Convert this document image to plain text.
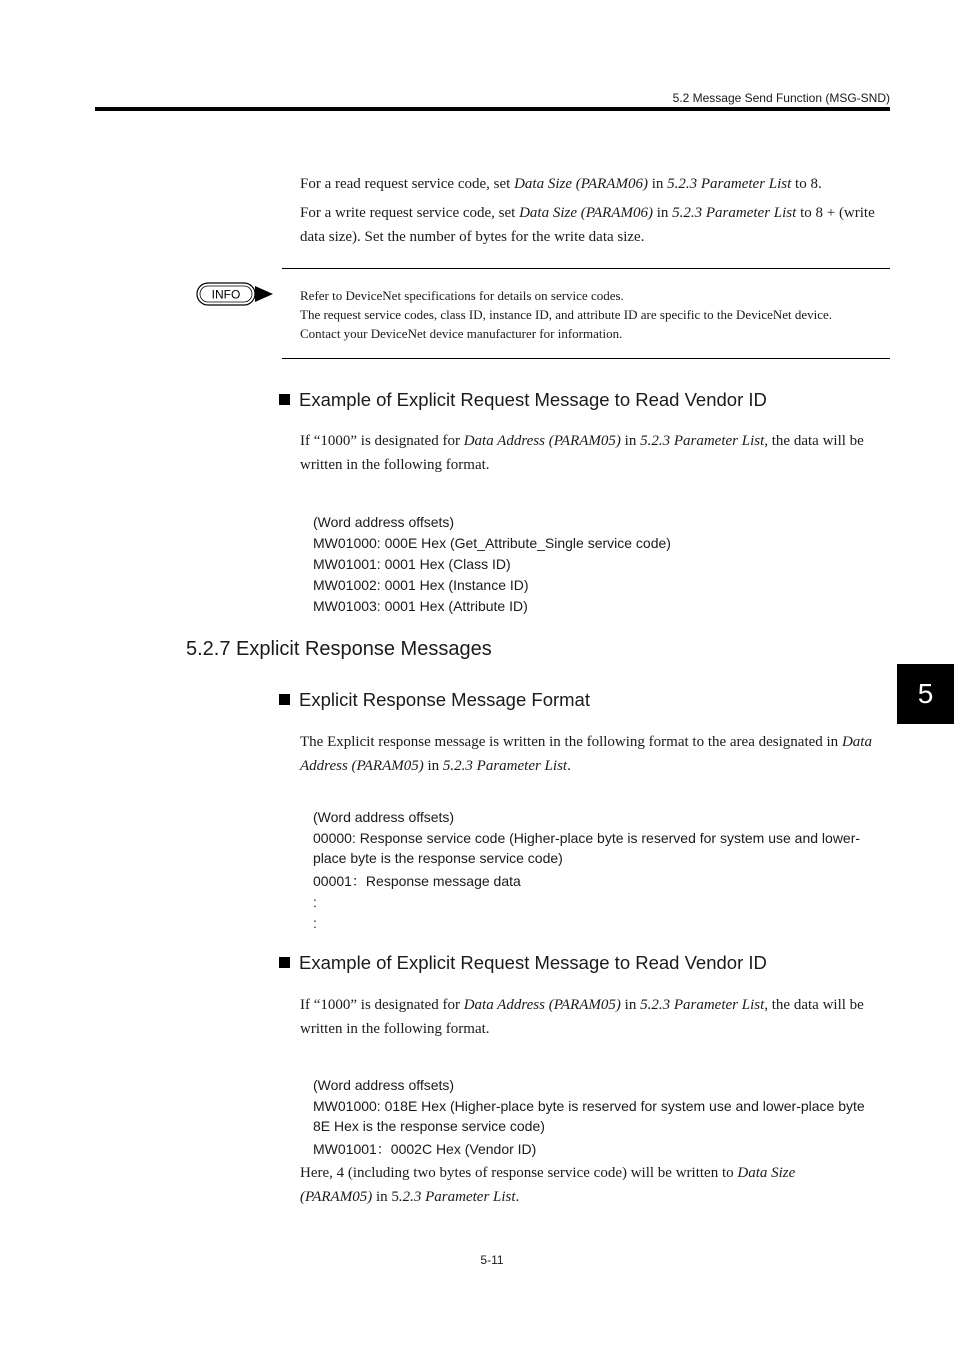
5.2 Message Send Function (MSG-SND)
5
For a read request service code, set Data Size (PARAM06) in 5.2.3 Parameter List to 8.
For a write request service code, set Data Size (PARAM06) in 5.2.3 Parameter List to 8 + (write data size). Set the number of bytes for the write data size.
INFO	Refer to DeviceNet specifications for details on service codes.
The request service codes, class ID, instance ID, and attribute ID are specific to the DeviceNet device.
Contact your DeviceNet device manufacturer for information.
Example of Explicit Request Message to Read Vendor ID
If “1000” is designated for Data Address (PARAM05) in 5.2.3 Parameter List, the data will be written in the following format.
(Word address offsets)
MW01000: 000E Hex (Get_Attribute_Single service code)
MW01001: 0001 Hex (Class ID)
MW01002: 0001 Hex (Instance ID)
MW01003: 0001 Hex (Attribute ID)
5.2.7 Explicit Response Messages
Explicit Response Message Format
The Explicit response message is written in the following format to the area designated in Data Address (PARAM05) in 5.2.3 Parameter List.
(Word address offsets)
00000: Response service code (Higher-place byte is reserved for system use and lower-place byte is the response service code)
00001：Response message data
:
:
Example of Explicit Request Message to Read Vendor ID
If “1000” is designated for Data Address (PARAM05) in 5.2.3 Parameter List, the data will be written in the following format.
(Word address offsets)
MW01000: 018E Hex (Higher-place byte is reserved for system use and lower-place byte 8E Hex is the response service code)
MW01001：0002C Hex (Vendor ID)
Here, 4 (including two bytes of response service code) will be written to Data Size (PARAM05) in 5.2.3 Parameter List.
5-11
